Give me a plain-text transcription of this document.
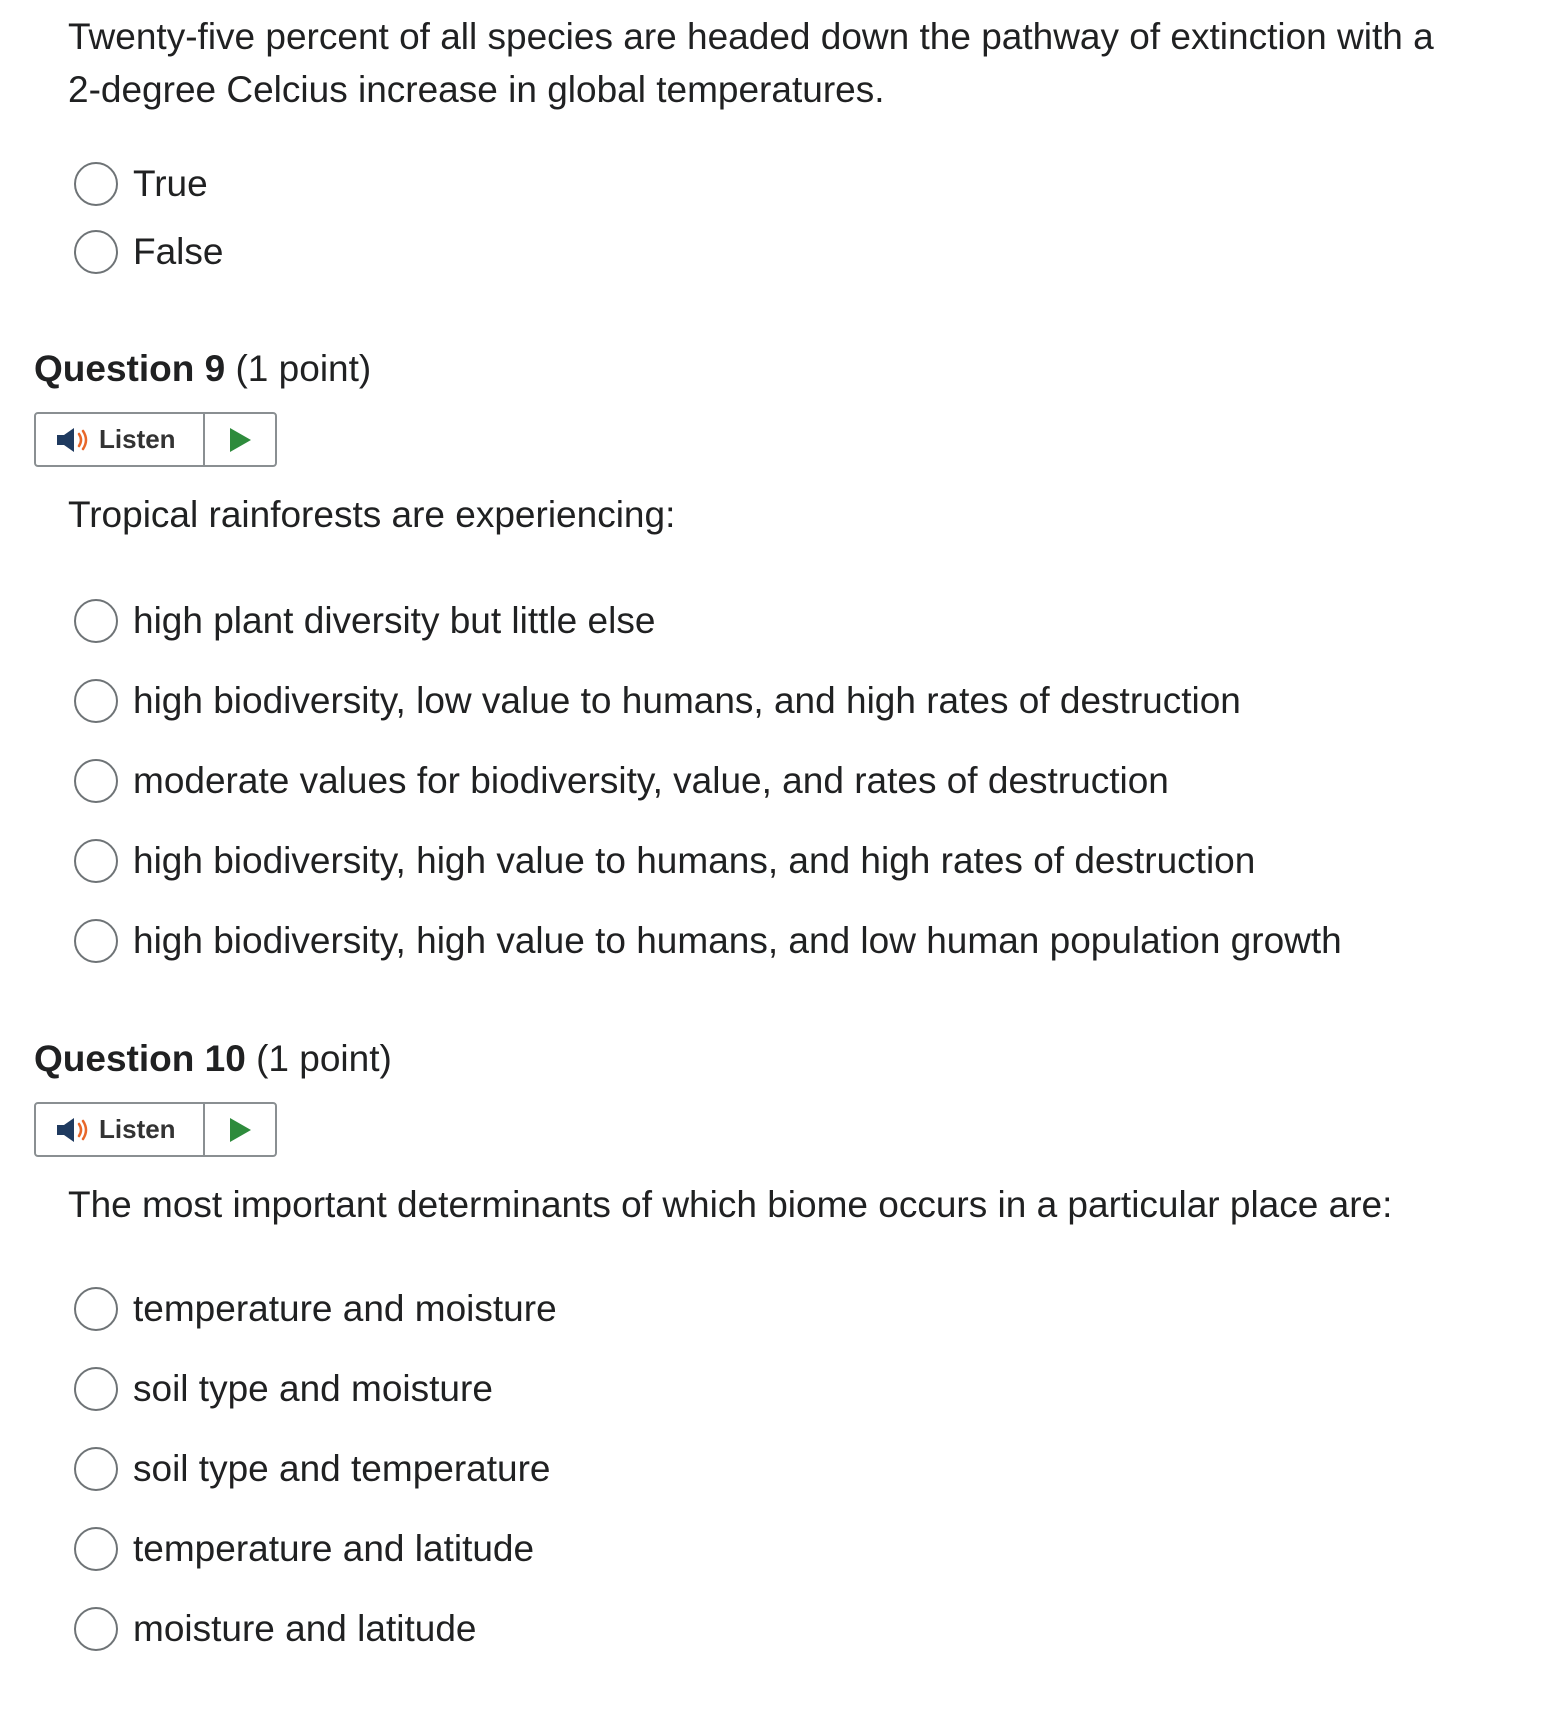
Twenty-five percent of all species are headed down the pathway of extinction with a
2-degree Celcius increase in global temperatures.

True
False
Question 9 (1 point)
Listen

Tropical rainforests are experiencing:

high plant diversity but little else
high biodiversity, low value to humans, and high rates of destruction
moderate values for biodiversity, value, and rates of destruction
high biodiversity, high value to humans, and high rates of destruction
high biodiversity, high value to humans, and low human population growth
Question 10 (1 point)
Listen

The most important determinants of which biome occurs in a particular place are:

temperature and moisture
soil type and moisture
soil type and temperature
temperature and latitude
moisture and latitude
